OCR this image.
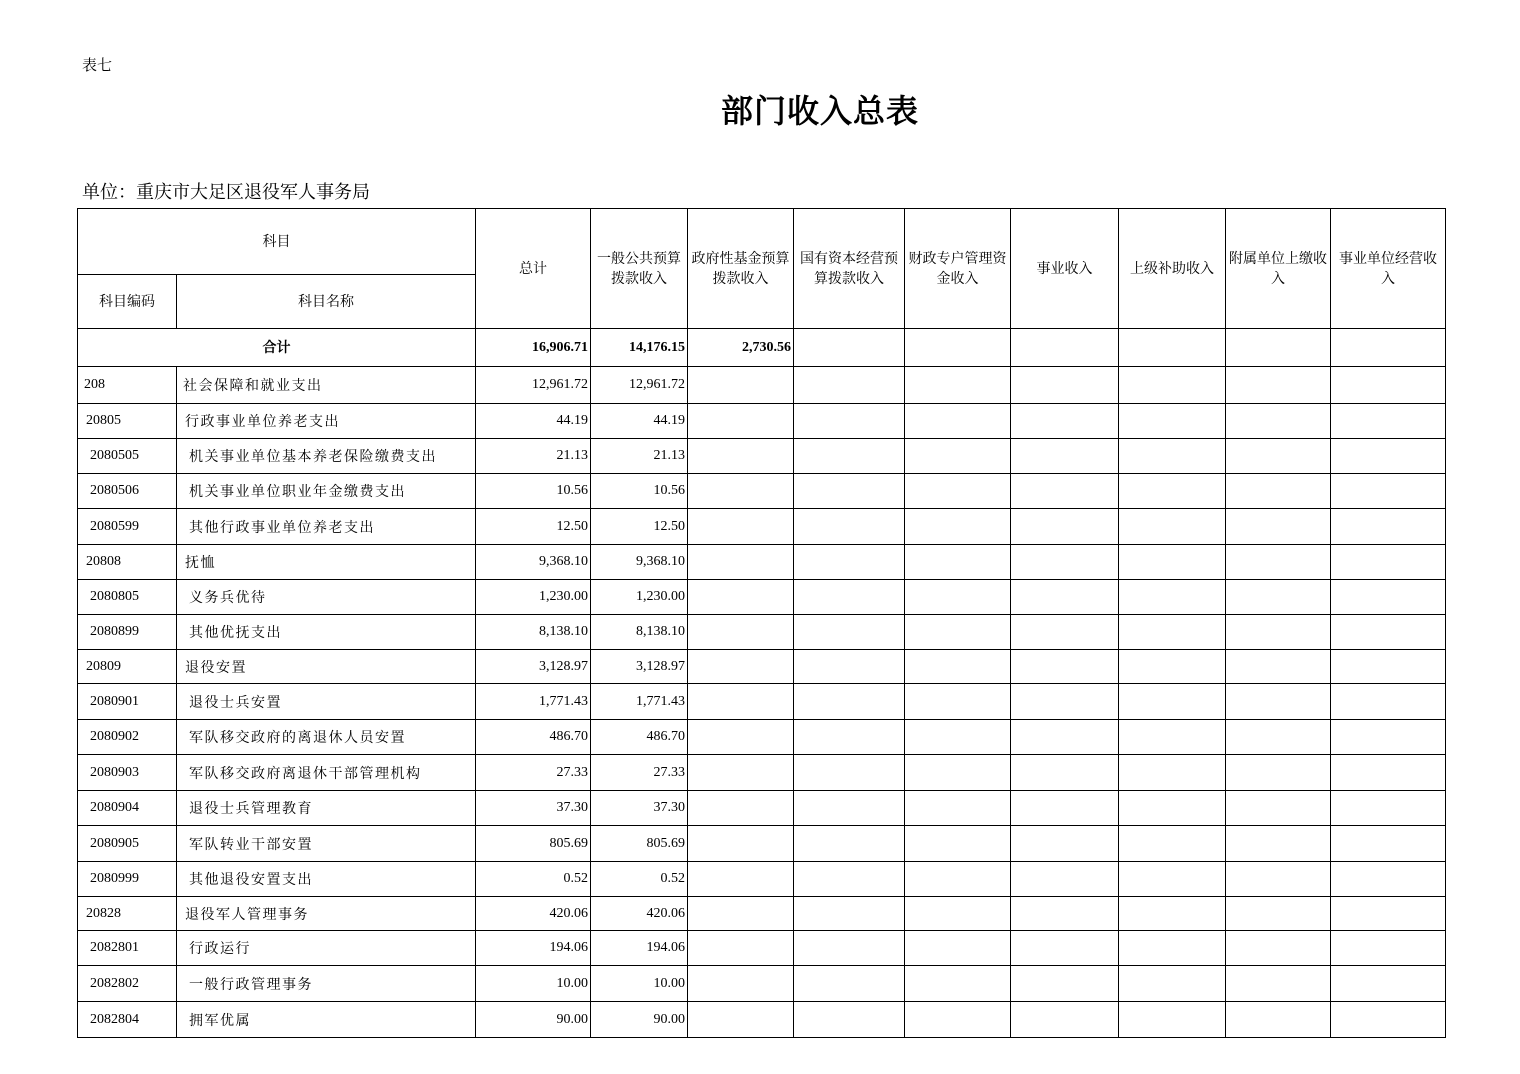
表七
部门收入总表
单位：重庆市大足区退役军人事务局
科目		总计	一般公共预算拨款收入	政府性基金预算拨款收入	国有资本经营预算拨款收入	财政专户管理资金收入	事业收入	上级补助收入	附属单位上缴收入	事业单位经营收入
科目编码	科目名称									
合计		16,906.71	14,176.15	2,730.56						
208	社会保障和就业支出	12,961.72	12,961.72							
20805	行政事业单位养老支出	44.19	44.19							
2080505	机关事业单位基本养老保险缴费支出	21.13	21.13							
2080506	机关事业单位职业年金缴费支出	10.56	10.56							
2080599	其他行政事业单位养老支出	12.50	12.50							
20808	抚恤	9,368.10	9,368.10							
2080805	义务兵优待	1,230.00	1,230.00							
2080899	其他优抚支出	8,138.10	8,138.10							
20809	退役安置	3,128.97	3,128.97							
2080901	退役士兵安置	1,771.43	1,771.43							
2080902	军队移交政府的离退休人员安置	486.70	486.70							
2080903	军队移交政府离退休干部管理机构	27.33	27.33							
2080904	退役士兵管理教育	37.30	37.30							
2080905	军队转业干部安置	805.69	805.69							
2080999	其他退役安置支出	0.52	0.52							
20828	退役军人管理事务	420.06	420.06							
2082801	行政运行	194.06	194.06							
2082802	一般行政管理事务	10.00	10.00							
2082804	拥军优属	90.00	90.00							
